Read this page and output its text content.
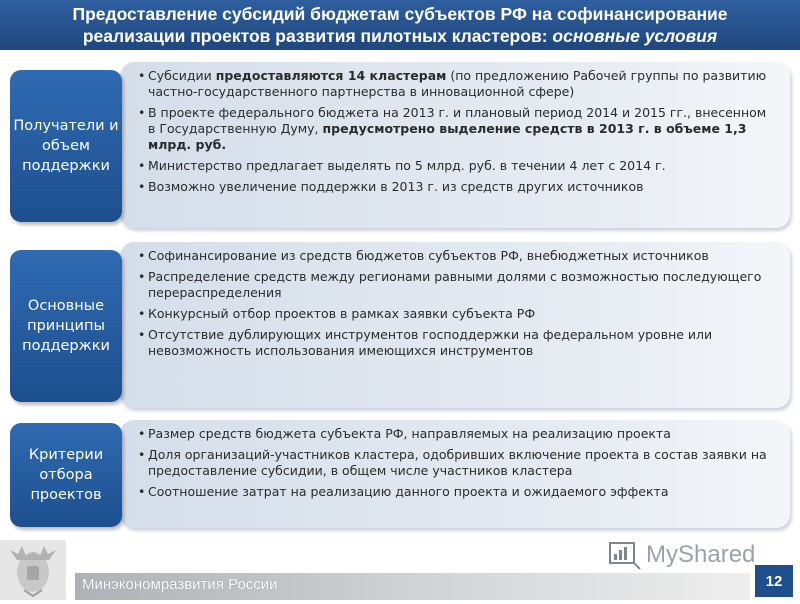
Предоставление субсидий бюджетам субъектов РФ на софинансирование
реализации проектов развития пилотных кластеров: основные условия
Получатели и объем поддержки
• Субсидии предоставляются 14 кластерам (по предложению Рабочей группы по развитию частно-государственного партнерства в инновационной сфере)
• В проекте федерального бюджета на 2013 г. и плановый период 2014 и 2015 гг., внесенном в Государственную Думу, предусмотрено выделение средств в 2013 г. в объеме 1,3 млрд. руб.
• Министерство предлагает выделять по 5 млрд. руб. в течении 4 лет с 2014 г.
• Возможно увеличение поддержки в 2013 г. из средств других источников
Основные принципы поддержки
• Софинансирование из средств бюджетов субъектов РФ, внебюджетных источников
• Распределение средств между регионами равными долями с возможностью последующего перераспределения
• Конкурсный отбор проектов в рамках заявки субъекта РФ
• Отсутствие дублирующих инструментов господдержки на федеральном уровне или невозможность использования имеющихся инструментов
Критерии отбора проектов
• Размер средств бюджета субъекта РФ, направляемых на реализацию проекта
• Доля организаций-участников кластера, одобривших включение проекта в состав заявки на предоставление субсидии, в общем числе участников кластера
• Соотношение затрат на реализацию данного проекта и ожидаемого эффекта
Минэкономразвития России
MyShared
12
